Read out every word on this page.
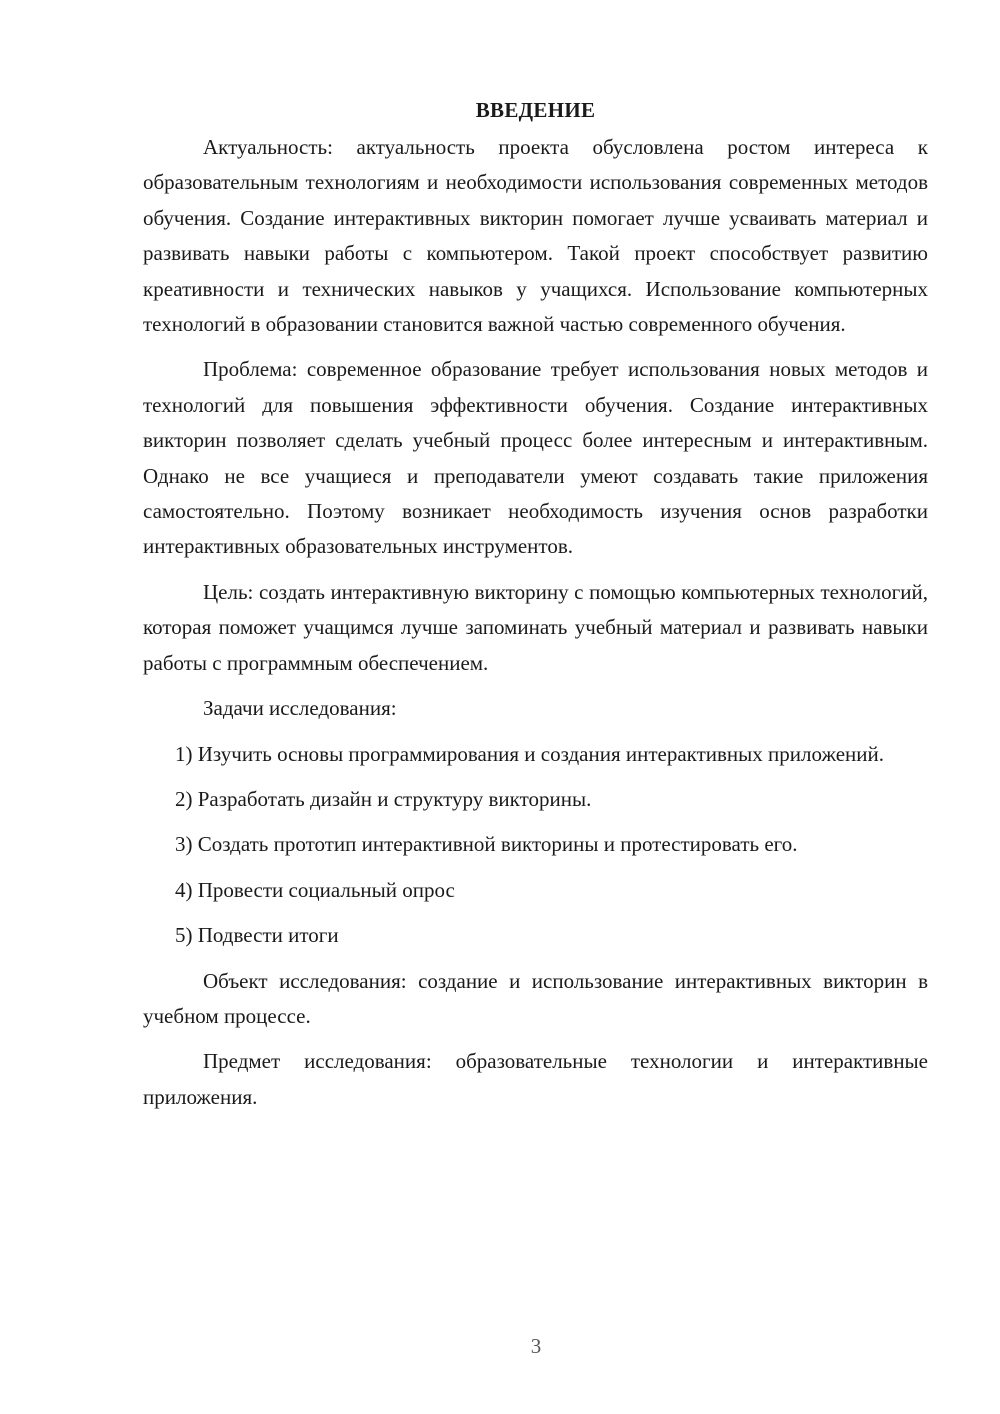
ВВЕДЕНИЕ

Актуальность: актуальность проекта обусловлена ростом интереса к образовательным технологиям и необходимости использования современных методов обучения. Создание интерактивных викторин помогает лучше усваивать материал и развивать навыки работы с компьютером. Такой проект способствует развитию креативности и технических навыков у учащихся. Использование компьютерных технологий в образовании становится важной частью современного обучения.

Проблема: современное образование требует использования новых методов и технологий для повышения эффективности обучения. Создание интерактивных викторин позволяет сделать учебный процесс более интересным и интерактивным. Однако не все учащиеся и преподаватели умеют создавать такие приложения самостоятельно. Поэтому возникает необходимость изучения основ разработки интерактивных образовательных инструментов.

Цель: создать интерактивную викторину с помощью компьютерных технологий, которая поможет учащимся лучше запоминать учебный материал и развивать навыки работы с программным обеспечением.

Задачи исследования:

1) Изучить основы программирования и создания интерактивных приложений.

2) Разработать дизайн и структуру викторины.

3) Создать прототип интерактивной викторины и протестировать его.

4) Провести социальный опрос

5) Подвести итоги

Объект исследования: создание и использование интерактивных викторин в учебном процессе.

Предмет исследования: образовательные технологии и интерактивные приложения.

3
